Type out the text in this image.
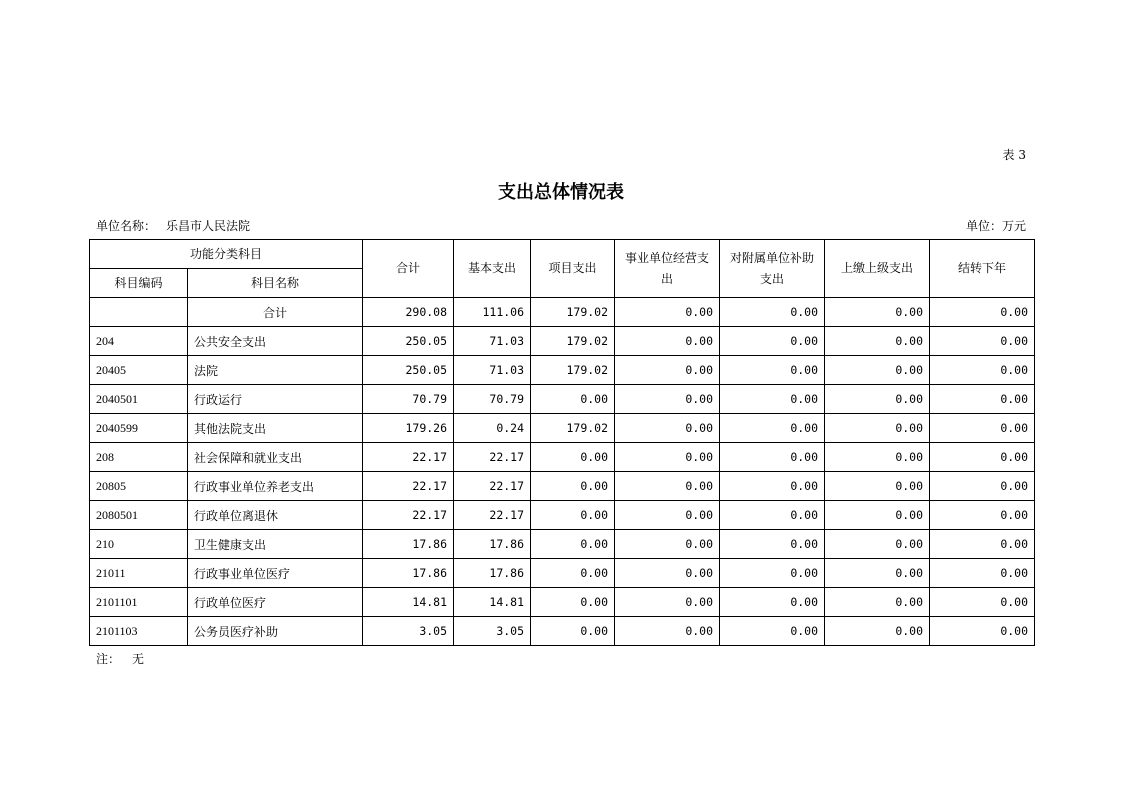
表 3
支出总体情况表
单位名称： 乐昌市人民法院	单位：万元
功能分类科目		合计	基本支出	项目支出	事业单位经营支出	对附属单位补助支出	上缴上级支出	结转下年
科目编码	科目名称							
	合计	290.08	111.06	179.02	0.00	0.00	0.00	0.00
204	公共安全支出	250.05	71.03	179.02	0.00	0.00	0.00	0.00
20405	法院	250.05	71.03	179.02	0.00	0.00	0.00	0.00
2040501	行政运行	70.79	70.79	0.00	0.00	0.00	0.00	0.00
2040599	其他法院支出	179.26	0.24	179.02	0.00	0.00	0.00	0.00
208	社会保障和就业支出	22.17	22.17	0.00	0.00	0.00	0.00	0.00
20805	行政事业单位养老支出	22.17	22.17	0.00	0.00	0.00	0.00	0.00
2080501	行政单位离退休	22.17	22.17	0.00	0.00	0.00	0.00	0.00
210	卫生健康支出	17.86	17.86	0.00	0.00	0.00	0.00	0.00
21011	行政事业单位医疗	17.86	17.86	0.00	0.00	0.00	0.00	0.00
2101101	行政单位医疗	14.81	14.81	0.00	0.00	0.00	0.00	0.00
2101103	公务员医疗补助	3.05	3.05	0.00	0.00	0.00	0.00	0.00
注： 无
